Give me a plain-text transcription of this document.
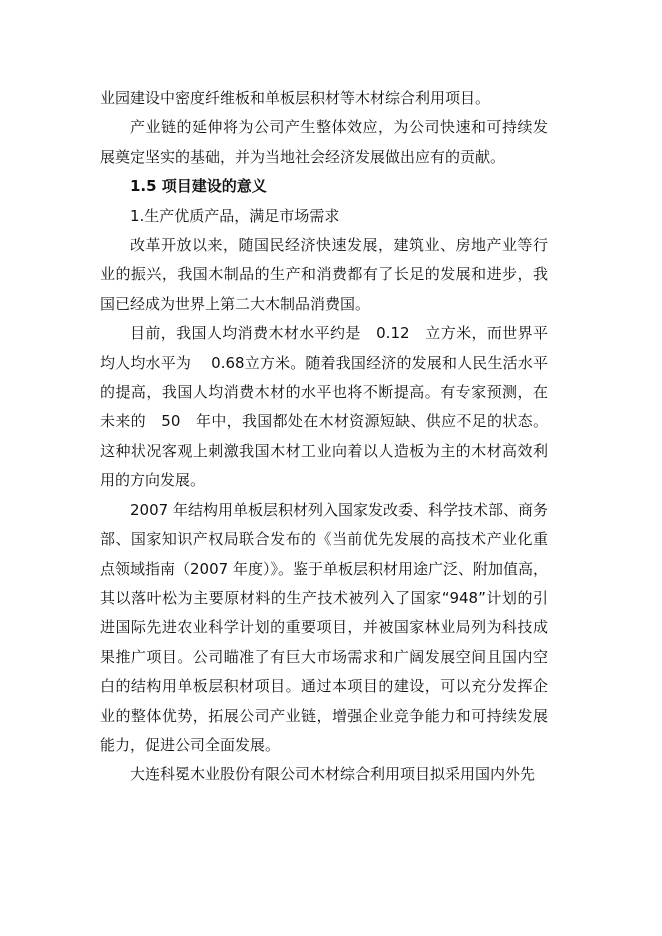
业园建设中密度纤维板和单板层积材等木材综合利用项目。

产业链的延伸将为公司产生整体效应，为公司快速和可持续发展奠定坚实的基础，并为当地社会经济发展做出应有的贡献。

1.5 项目建设的意义

1.生产优质产品，满足市场需求

改革开放以来，随国民经济快速发展，建筑业、房地产业等行业的振兴，我国木制品的生产和消费都有了长足的发展和进步，我国已经成为世界上第二大木制品消费国。

目前，我国人均消费木材水平约是　0.12　立方米，而世界平均人均水平为　 0.68立方米。随着我国经济的发展和人民生活水平的提高，我国人均消费木材的水平也将不断提高。有专家预测，在未来的　50　年中，我国都处在木材资源短缺、供应不足的状态。这种状况客观上刺激我国木材工业向着以人造板为主的木材高效利用的方向发展。

2007 年结构用单板层积材列入国家发改委、科学技术部、商务部、国家知识产权局联合发布的《当前优先发展的高技术产业化重点领域指南（2007 年度）》。鉴于单板层积材用途广泛、附加值高，其以落叶松为主要原材料的生产技术被列入了国家“948”计划的引进国际先进农业科学计划的重要项目，并被国家林业局列为科技成果推广项目。公司瞄准了有巨大市场需求和广阔发展空间且国内空白的结构用单板层积材项目。通过本项目的建设，可以充分发挥企业的整体优势，拓展公司产业链，增强企业竞争能力和可持续发展能力，促进公司全面发展。

大连科冕木业股份有限公司木材综合利用项目拟采用国内外先
